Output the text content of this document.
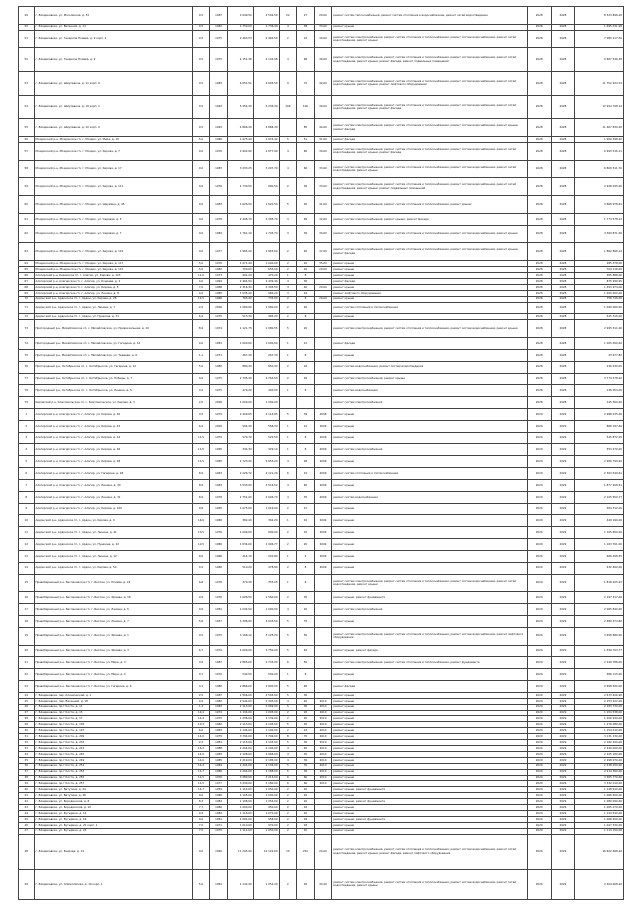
49	г. Владикавказ, ул. Московская, д. 32	9,5	1987	2 649,50	2 502,50	22	27	29,00	ремонт систем теплоснабжения, ремонт систем отопления и водоснабжения, ремонт сетей водоотведения	2028	2028	8 523 896,20
50	г. Владикавказ, ул. Весенняя, д. 13	9,5	1982	1 750,00	1 736,40	4	38	33,00	ремонт крыши	2028	2028	1 695 331,96
51	г. Владикавказ, ул. Генерала Плиева, д. 9 корп. 4	9,5	1975	2 463,53	2 464,50	2	22	30,00	ремонт систем электроснабжения, ремонт систем отопления и теплоснабжения, ремонт систем водоснабжения, ремонт сетей водоотведения, ремонт крыши	2028	2028	7 080 217,50
52	г. Владикавказ, ул. Генерала Плиева, д. 9	9,5	1975	4 151,36	4 142,98	4	98	36,00	ремонт систем электроснабжения, ремонт систем отопления и теплоснабжения, ремонт систем водоснабжения, ремонт сетей водоотведения, ремонт крыши, ремонт фасада, ремонт подвальных помещений	2028	2028	9 867 546,30
53	г. Владикавказ, ул. Шмулевича, д. 11 корп. 9	9,5	1983	4 651,51	4 605,50	9	72	42,00	ремонт систем электроснабжения, ремонт систем отопления и теплоснабжения, ремонт систем водоснабжения, ремонт сетей водоотведения, ремонт крыши, ремонт лифтового оборудования	2028	2028	11 752 204,74
54	г. Владикавказ, ул. Шмулевича, д. 10 корп. 1	9,5	1993	5 254,30	5 236,30	106	100	40,00	ремонт систем электроснабжения, ремонт систем отопления и теплоснабжения, ремонт систем водоснабжения, ремонт сетей водоотведения, ремонт крыши, ремонт фасада	2028	2028	12 944 708,14
55	г. Владикавказ, ул. Шмулевича, д. 10 корп. 6	9,5	1993	4 866,30	4 866,30		85	44,00	ремонт систем электроснабжения, ремонт систем отопления и теплоснабжения, ремонт систем водоснабжения, ремонт крыши, ремонт фасада	2028	2028	11 467 830,20
56	Моздокский р-н, Моздокское гп, г. Моздок, ул. Мира, д. 19	5,0	1980	1 975,40	1 974,40	5	51	31,00	ремонт фасада	2028	2028	1 909 398,20
57	Моздокский р-н, Моздокское гп, г. Моздок, ул. Кирова, д. 7	9,0	1976	2 902,90	2 877,90	4	60	34,00	ремонт систем электроснабжения, ремонт систем отопления и теплоснабжения, ремонт систем водоснабжения, ремонт сетей водоотведения, ремонт крыши, ремонт фасада	2028	2028	6 993 516,11
58	Моздокский р-н, Моздокское гп, г. Моздок, ул. Кирова, д. 17	9,0	1983	3 233,25	3 207,70	4	60	33,00	ремонт систем электроснабжения, ремонт систем отопления и теплоснабжения, ремонт систем водоснабжения, ремонт сетей водоотведения, ремонт крыши	2028	2028	6 800 511,70
59	Моздокский р-н, Моздокское гп, г. Моздок, ул. Кирова, д. 111	9,0	1976	1 730,50	990,50	2	36	33,00	ремонт систем электроснабжения, ремонт систем отопления и теплоснабжения, ремонт систем водоснабжения, ремонт сетей водоотведения, ремонт крыши, ремонт подвальных помещений	2028	2028	2 948 295,00
60	Моздокский р-н, Моздокское гп, г. Моздок, ул. Шаумяна, д. 45	9,0	1983	1 626,50	1 620,50	5	30	31,00	ремонт систем электроснабжения, ремонт систем отопления и теплоснабжения, ремонт крыши	2028	2028	3 868 978,61
61	Моздокский р-н, Моздокское гп, г. Моздок, ул. Садовая, д. 5	9,0	1978	2 408,70	2 365,79	3	48	32,00	ремонт систем электроснабжения, ремонт крыши, ремонт фасада	2028	2028	1 774 578,13
62	Моздокский р-н, Моздокское гп, г. Моздок, ул. Садовая, д. 7	9,0	1984	1 761,10	1 745,70	3	36	34,00	ремонт систем электроснабжения, ремонт систем отопления и теплоснабжения, ремонт систем водоснабжения, ремонт крыши	2028	2028	4 369 871,56
63	Моздокский р-н, Моздокское гп, г. Моздок, ул. Кирова, д. 119	9,0	1977	1 985,20	1 963,60	2	40	37,00	ремонт систем электроснабжения, ремонт систем отопления и теплоснабжения, ремонт систем водоснабжения, ремонт крыши, ремонт фасада	2028	2028	1 862 896,14
64	Моздокский р-н, Моздокское гп, г. Моздок, ул. Кирова, д. 117	5,0	1976	1 071,40	1 040,00	2	20	35,00	ремонт крыши	2028	2028	285 378,00
65	Моздокский р-н, Моздокское гп, г. Моздок, ул. Кирова, д. 115	5,0	1982	700,00	655,00	2	16	29,00	ремонт крыши	2028	2028	704 118,00
66	Алагирский р-н, Кировское гп, г. Алагир, ул. Кирова, д. 103	11,0	1973	491,20	470,20	1	8		ремонт крыши	2028	2028	485 888,00
67	Алагирский р-н, Алагирское гп, г. Алагир, ул. Кодоева, д. 2	4,0	1994	2 464,50	2 439,40	4	36		ремонт фасада	2028	2028	875 999,95
68	Алагирский р-н, Алагирское гп, г. Алагир, ул. Кирова, д. 5	7,0	1988	2 316,30	2 305,50	4	40	29,00	ремонт крыши	2028	2028	1 293 974,00
69	Алагирский р-н, Алагирское гп, г. Алагир, ул. Ленина, д. 8	4,0	1985	1 035,20	984,20	3	24		ремонт лифтового оборудования	2028	2028	1 400 000,00
70	Ардонский р-н, Ардонское гп, г. Ардон, ул. Кирова, д. 28	12,5	1966	763,40	735,00	2	8	20,00	ремонт крыши	2028	2028	758 746,00
71	Ардонский р-н, Ардонское гп, г. Ардон, ул. Ленина, д. 7	2,0	2006	1 080,00	1 060,00	2	20		ремонт систем отопления и теплоснабжения	2028	2028	1 099 060,00
72	Ардонский р-н, Ардонское гп, г. Ардон, ул. Пушкина, д. 31	6,4	1975	513,30	485,20	2	8		ремонт крыши	2028	2028	525 316,00
73	Пригородный р-н, Михайловское сп, с. Михайловское, ул. Привокзальная, д. 10	8,9	1974	1 121,75	1 080,55	5	20		ремонт систем электроснабжения, ремонт систем отопления и теплоснабжения, ремонт систем водоснабжения, ремонт крыши	2028	2028	2 995 511,00
74	Пригородный р-н, Михайловское сп, с. Михайловское, ул. Гагарина, д. 14	4,0	1981	1 000,00	1 000,00	1	12		ремонт фасада	2028	2028	1 005 000,00
75	Пригородный р-н, Михайловское сп, с. Михайловское, ул. Тедеева, д. 6	1,1	1971	267,30	267,30	1	8		ремонт крыши	2028	2028	23 677,82
76	Пригородный р-н, Октябрьское сп, с. Октябрьское, ул. Гагарина, д. 12	5,0	1980	880,30	850,30	2	16		ремонт систем водоснабжения, ремонт систем водоотведения	2028	2028	236 030,00
77	Пригородный р-н, Октябрьское сп, с. Октябрьское, ул. Победы, д. 7	0,0	1975	2 795,30	2 763,50	2	29		ремонт систем электроснабжения, ремонт крыши	2028	2028	3 774 578,20
78	Пригородный р-н, Октябрьское сп, с. Октябрьское, ул. Ленина, д. 5	0,4	1975	470,40	440,00	1	8		ремонт систем водоснабжения	2028	2028	136 053,00
79	Кировский р-н, Комсомольское сп, с. Комсомольское, ул. Кирова, д. 3	2,0	2006	1 000,00	1 000,00				ремонт систем электроснабжения	2028	2028	145 560,00
1	Алагирский р-н, Алагирское гп, г. Алагир, ул. Кирова, д. 40	9,5	1979	2 409,65	2 114,85	5	39	2008	ремонт крыши	2029	2029	2 988 235,26
2	Алагирский р-н, Алагирское гп, г. Алагир, ул. Кирова, д. 42	6,9	2009	594,30	558,30	1	12	2009	ремонт крыши	2029	2029	868 197,40
3	Алагирский р-н, Алагирское гп, г. Алагир, ул. Кирова, д. 44	11,5	1979	579,70	522,50	1	8	2009	ремонт крыши	2029	2029	545 872,25
4	Алагирский р-н, Алагирское гп, г. Алагир, ул. Кирова, д. 46	11,5	1965	344,30	329,10	1	8	2009	ремонт систем электроснабжения	2029	2029	553 470,20
5	Алагирский р-н, Алагирское гп, г. Алагир, ул. Кирова, д. 48	11,5	1965	2 723,20	2 653,20	4	28	2009	ремонт крыши	2029	2029	2 969 799,20
6	Алагирский р-н, Алагирское гп, г. Алагир, ул. Гагарина, д. 28	8,9	1963	2 226,72	2 121,20	6	19	2009	ремонт систем отопления и теплоснабжения	2029	2029	2 304 549,61
7	Алагирский р-н, Алагирское гп, г. Алагир, ул. Ленина, д. 30	8,9	1963	3 533,00	3 516,52	4	60	2009	ремонт крыши	2029	2029	1 877 208,51
8	Алагирский р-н, Алагирское гп, г. Алагир, ул. Ленина, д. 31	8,9	1978	2 751,00	2 646,70	4	35	2009	ремонт систем водоснабжения	2029	2029	2 105 550,77
9	Алагирский р-н, Алагирское гп, г. Алагир, ул. Кирова, д. 100	9,8	1965	1 075,00	1 016,00	2	12		ремонт крыши	2029	2029	584 312,00
10	Ардонский р-н, Ардонское гп, г. Ардон, ул. Кирова, д. 9	16,6	1968	382,40	362,20	1	10	2009	ремонт крыши	2029	2029	449 190,00
11	Ардонский р-н, Ардонское гп, г. Ардон, ул. Ленина, д. 41	10,5	1976	1 006,00	900,00	2	16	2009	ремонт крыши	2029	2029	1 105 600,00
12	Ардонский р-н, Ардонское гп, г. Ардон, ул. Пушкина, д. 22	10,5	1980	1 034,00	1 006,77	2	20	2009	ремонт крыши	2029	2029	1 163 761,00
13	Ардонский р-н, Ардонское гп, г. Ардон, ул. Ленина, д. 12	8,0	1966	214,70	201,80	1	4	2009	ремонт крыши	2029	2029	666 298,55
14	Ардонский р-н, Ардонское гп, г. Ардон, ул. Кирова, д. 50	0,4	1980	510,20	478,90	2	8	2009	ремонт крыши	2029	2029	432 460,00
15	Правобережный р-н, Беслановское гп, г. Беслан, ул. Плиева, д. 22	6,8	1976	370,30	355,25	1	8		ремонт систем электроснабжения, ремонт систем отопления и теплоснабжения, ремонт систем водоснабжения, ремонт сетей водоотведения, ремонт крыши	2029	2029	1 818 205,22
16	Правобережный р-н, Беслановское гп, г. Беслан, ул. Фриева, д. 18	9,9	1976	1 628,50	1 560,00	2	30		ремонт крыши, ремонт фундамента	2029	2029	2 197 217,00
17	Правобережный р-н, Беслановское гп, г. Беслан, ул. Ленина, д. 5	9,9	1981	1 044,50	1 000,00	4	20		ремонт систем электроснабжения	2029	2029	2 065 840,00
18	Правобережный р-н, Беслановское гп, г. Беслан, ул. Ленина, д. 7	5,6	1957	4 396,00	4 033,50	5	79		ремонт крыши	2029	2029	2 380 374,60
19	Правобережный р-н, Беслановское гп, г. Беслан, ул. Фриева, д. 1	9,5	1975	3 168,12	3 125,20	5	50		ремонт систем электроснабжения, ремонт систем отопления и теплоснабжения, ремонт систем водоснабжения, ремонт лифтового оборудования	2029	2029	3 658 680,00
20	Правобережный р-н, Беслановское гп, г. Беслан, ул. Фриева, д. 3	6,7	1979	4 009,00	3 750,00	5	62		ремонт крыши, ремонт фасада	2029	2029	1 599 703,77
21	Правобережный р-н, Беслановское гп, г. Беслан, ул. Мира, д. 3	9,9	1987	2 805,00	2 733,00	6	50		ремонт систем электроснабжения, ремонт систем отопления и теплоснабжения, ремонт фундамента	2029	2029	2 249 788,00
22	Правобережный р-н, Беслановское гп, г. Беслан, ул. Мира, д. 4	9,7	1970	542,50	500,00	1	8		ремонт крыши	2029	2029	486 115,00
23	Правобережный р-н, Беслановское гп, г. Беслан, ул. Гагарина, д. 6	9,1	1980	2 886,00	2 800,00	5	60		ремонт фасада	2029	2029	2 698 630,00
24	г. Владикавказ, пер. Клинический, д. 1	2,5	1987	2 506,00	2 505,00	5	36		ремонт крыши	2029	2029	2 673 426,90
25	г. Владикавказ, пер. Весенний, д. 18	4,9	1982	2 544,00	2 345,00	4	40	2010	ремонт крыши	2029	2029	2 153 222,00
26	г. Владикавказ, пр-т Коста, д. 11	1,4	1983	2 113,00	2 069,00	5	36	2010	ремонт крыши	2029	2029	2 183 730,00
27	г. Владикавказ, пр-т Коста, д. 15	14,4	1974	1 134,00	1 093,00	2	20	2010	ремонт крыши	2029	2029	1 154 538,00
28	г. Владикавказ, пр-т Коста, д. 17	14,4	1975	1 236,00	1 139,00	2	20	2010	ремонт крыши	2029	2029	1 200 930,00
29	г. Владикавказ, пр-т Коста, д. 195	10,3	1982	2 113,00	2 105,00	5	30	2010	ремонт крыши	2029	2029	1 276 080,00
30	г. Владикавказ, пр-т Коста, д. 197	6,0	1983	1 144,00	1 100,00	2	24	2010	ремонт крыши	2029	2029	1 154 010,00
31	г. Владикавказ, пр-т Коста, д. 209	14,0	1975	3 794,00	3 706,00	8	70	2010	ремонт крыши	2029	2029	3 131 130,00
32	г. Владикавказ, пр-т Коста, д. 233	2,3	1981	2 113,00	2 103,00	5	36	2010	ремонт крыши	2029	2029	2 162 200,00
33	г. Владикавказ, пр-т Коста, д. 243	16,4	1988	2 204,00	2 140,00	4	40	2010	ремонт крыши	2029	2029	2 240 000,00
34	г. Владикавказ, пр-т Коста, д. 245	14,0	1983	2 108,00	2 066,00	4	35	2010	ремонт крыши	2029	2029	2 125 160,00
35	г. Владикавказ, пр-т Коста, д. 249	14,0	1985	2 219,00	2 185,00	4	36	2010	ремонт крыши	2029	2029	2 298 070,00
36	г. Владикавказ, пр-т Коста, д. 251	14,4	1984	2 204,00	2 135,00	5	35	2010	ремонт крыши	2029	2029	2 238 050,00
37	г. Владикавказ, пр-т Коста, д. 253	11,7	1986	2 204,00	2 168,00	5	36	2010	ремонт крыши	2029	2029	2 214 360,00
38	г. Владикавказ, пр-т Коста, д. 255	11,5	1976	3 280,00	3 213,00	6	60	2010	ремонт крыши	2029	2029	3 365 770,00
39	г. Владикавказ, пр-т Коста, д. 257	11,5	1977	3 230,00	3 180,00	6	60	2010	ремонт крыши	2029	2029	3 332 010,00
40	г. Владикавказ, ул. Ватутина, д. 24	14,7	1959	1 114,00	1 050,00	2	20		ремонт крыши, ремонт фундамента	2029	2029	1 148 910,00
41	г. Владикавказ, ул. Ватутина, д. 48	9,0	1980	1 105,00	1 040,00	2	20		ремонт крыши	2029	2029	1 066 500,00
42	г. Владикавказ, ул. Бородинская, д. 8	8,3	1984	1 108,00	1 054,00	2	20		ремонт крыши, ремонт фундамента	2029	2029	1 089 090,00
43	г. Владикавказ, ул. Бородинская, д. 10	7,7	1980	1 000,00	950,00	2	18		ремонт крыши	2029	2029	1 005 270,00
44	г. Владикавказ, ул. Бутырина, д. 14	9,4	1984	1 116,00	1 070,00	2	20		ремонт крыши	2029	2029	1 144 540,00
45	г. Владикавказ, ул. Бутырина, д. 16	9,0	1981	1 004,00	958,00	2	18		ремонт крыши, ремонт фундамента	2029	2029	1 068 200,00
46	г. Владикавказ, ул. Бутырина, д. 22 корп. 1	7,0	1971	1 010,00	970,00	2	18		ремонт крыши	2029	2029	1 027 330,00
47	г. Владикавказ, ул. Бутырина, д. 24	7,5	1970	1 111,00	1 050,00	2	20		ремонт крыши	2029	2029	1 113 150,00
48	г. Владикавказ, ул. Бзарова, д. 14	9,0	1990	11 295,00	10 122,60	10	252	24,00	ремонт систем электроснабжения, ремонт систем отопления и теплоснабжения, ремонт систем водоснабжения, ремонт сетей водоотведения, ремонт крыши, ремонт фасада, ремонт лифтового оборудования	2029	2029	16 642 698,20
49	г. Владикавказ, ул. Олимпийская, д. 19 корп. 1	5,0	1981	1 142,20	1 052,20	2	18	30,20	ремонт систем электроснабжения, ремонт систем отопления и теплоснабжения, ремонт систем водоснабжения, ремонт сетей водоотведения, ремонт крыши	2029	2029	2 404 608,20
